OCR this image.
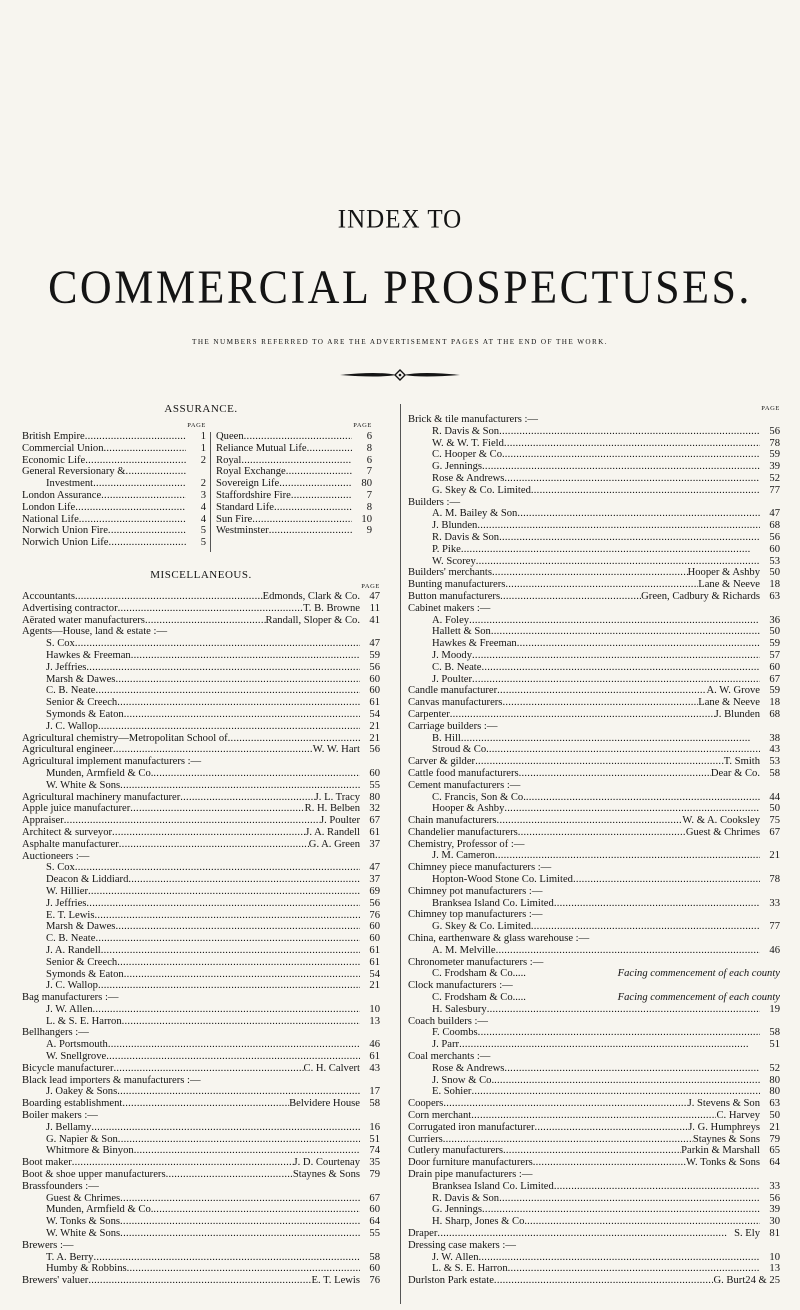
INDEX TO
COMMERCIAL PROSPECTUSES.
THE NUMBERS REFERRED TO ARE THE ADVERTISEMENT PAGES AT THE END OF THE WORK.
ASSURANCE.
PAGE
British Empire . . .	1
Commercial Union . . .	1
Economic Life . . .	2
General Reversionary &
. . .
Investment . . .	2
London Assurance . . .	3
London Life . . .	4
National Life . . .	4
Norwich Union Fire . . .	5
Norwich Union Life . . .	5
PAGE
Queen . . .	6
Reliance Mutual Life . . .	8
Royal . . .	6
Royal Exchange . . .	7
Sovereign Life . . .	80
Staffordshire Fire . . .	7
Standard Life . . .	8
Sun Fire . . .	10
Westminster . . .	9
MISCELLANEOUS.
PAGE
Accountants . . .	Edmonds, Clark & Co. 47
Advertising contractor . . .	T. B. Browne 11
Aërated water manufacturers . . .	Randall, Sloper & Co. 41
Agents—House, land & estate :—
S. Cox . . .	47
Hawkes & Freeman . . .	59
J. Jeffries . . .	56
Marsh & Dawes . . .	60
C. B. Neate . . .	60
Senior & Creech . . .	61
Symonds & Eaton . . .	54
J. C. Wallop . . .	21
Agricultural chemistry—Metropolitan School of . . .	21
Agricultural engineer . . .	W. W. Hart 56
Agricultural implement manufacturers :—
Munden, Armfield & Co. . . .	60
W. White & Sons . . .	55
Agricultural machinery manufacturer . . .	J. L. Tracy 80
Apple juice manufacturer . . .	R. H. Belben 32
Appraiser . . .	J. Poulter 67
Architect & surveyor . . .	J. A. Randell 61
Asphalte manufacturer . . .	G. A. Green 37
Auctioneers :—
S. Cox . . .	47
Deacon & Liddiard . . .	37
W. Hillier . . .	69
J. Jeffries . . .	56
E. T. Lewis . . .	76
Marsh & Dawes . . .	60
C. B. Neate . . .	60
J. A. Randell . . .	61
Senior & Creech . . .	61
Symonds & Eaton . . .	54
J. C. Wallop . . .	21
Bag manufacturers :—
J. W. Allen . . .	10
L. & S. E. Harron . . .	13
Bellhangers :—
A. Portsmouth . . .	46
W. Snellgrove . . .	61
Bicycle manufacturer . . .	C. H. Calvert 43
Black lead importers & manufacturers :—
J. Oakey & Sons . . .	17
Boarding establishment . . .	Belvidere House 58
Boiler makers :—
J. Bellamy . . .	16
G. Napier & Son . . .	51
Whitmore & Binyon . . .	74
Boot maker . . .	J. D. Courtenay 35
Boot & shoe upper manufacturers . . .	Staynes & Sons 79
Brassfounders :—
Guest & Chrimes . . .	67
Munden, Armfield & Co. . . .	60
W. Tonks & Sons . . .	64
W. White & Sons . . .	55
Brewers :—
T. A. Berry . . .	58
Humby & Robbins . . .	60
Brewers' valuer . . .	E. T. Lewis 76
PAGE
Brick & tile manufacturers :—
R. Davis & Son . . .	56
W. & W. T. Field . . .	78
C. Hooper & Co. . . .	59
G. Jennings . . .	39
Rose & Andrews . . .	52
G. Skey & Co. Limited . . .	77
Builders :—
A. M. Bailey & Son . . .	47
J. Blunden . . .	68
R. Davis & Son . . .	56
P. Pike . . .	60
W. Scorey . . .	53
Builders' merchants . . .	Hooper & Ashby 50
Bunting manufacturers . . .	Lane & Neeve 18
Button manufacturers . . .	Green, Cadbury & Richards 63
Cabinet makers :—
A. Foley . . .	36
Hallett & Son . . .	50
Hawkes & Freeman . . .	59
J. Moody . . .	57
C. B. Neate . . .	60
J. Poulter . . .	67
Candle manufacturer . . .	A. W. Grove 59
Canvas manufacturers . . .	Lane & Neeve 18
Carpenter . . .	J. Blunden 68
Carriage builders :—
B. Hill . . .	38
Stroud & Co. . . .	43
Carver & gilder . . .	T. Smith 53
Cattle food manufacturers . . .	Dear & Co. 58
Cement manufacturers :—
C. Francis, Son & Co. . . .	44
Hooper & Ashby . . .	50
Chain manufacturers . . .	W. & A. Cooksley 75
Chandelier manufacturers . . .	Guest & Chrimes 67
Chemistry, Professor of :—
J. M. Cameron . . .	21
Chimney piece manufacturers :—
Hopton-Wood Stone Co. Limited . . .	78
Chimney pot manufacturers :—
Branksea Island Co. Limited . . .	33
Chimney top manufacturers :—
G. Skey & Co. Limited . . .	77
China, earthenware & glass warehouse :—
A. M. Melville . . .	46
Chronometer manufacturers :—
C. Frodsham & Co.....	Facing commencement of each county
Clock manufacturers :—
C. Frodsham & Co.....	Facing commencement of each county
H. Salesbury . . .	19
Coach builders :—
F. Coombs . . .	58
J. Parr . . .	51
Coal merchants :—
Rose & Andrews . . .	52
J. Snow & Co. . . .	80
E. Sohier . . .	80
Coopers . . .	J. Stevens & Son 63
Corn merchant . . .	C. Harvey 50
Corrugated iron manufacturer . . .	J. G. Humphreys 21
Curriers . . .	Staynes & Sons 79
Cutlery manufacturers . . .	Parkin & Marshall 65
Door furniture manufacturers . . .	W. Tonks & Sons 64
Drain pipe manufacturers :—
Branksea Island Co. Limited . . .	33
R. Davis & Son . . .	56
G. Jennings . . .	39
H. Sharp, Jones & Co. . . .	30
Draper . . .	S. Ely 81
Dressing case makers :—
J. W. Allen . . .	10
L. & S. E. Harron . . .	13
Durlston Park estate . . .	G. Burt 24 & 25
